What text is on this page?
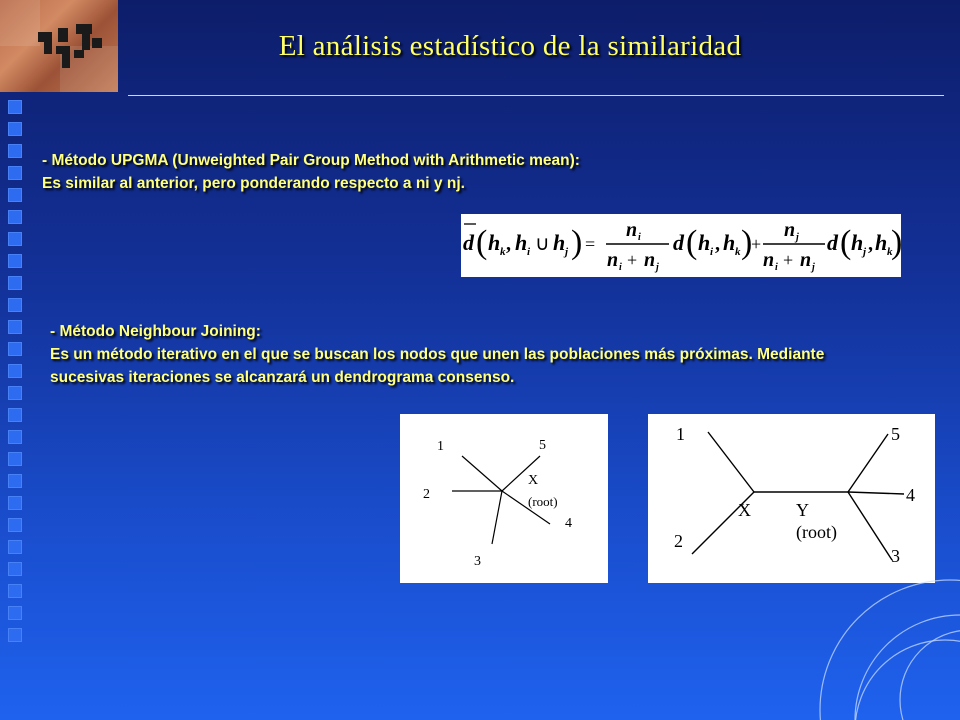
El análisis estadístico de la similaridad
- Método UPGMA (Unweighted Pair Group Method with Arithmetic mean):
Es similar al anterior, pero ponderando respecto a ni y nj.
d ( h k , h i ∪ h j ) =
n i
n i + n j
d ( h i , h k )
+
n j
n i + n j
d ( h j , h k
)
- Método Neighbour Joining:
Es un método iterativo en el que se buscan los nodos que unen las poblaciones más próximas. Mediante
sucesivas iteraciones se alcanzará un dendrograma consenso.
1	5
2
X
(root)
4
3
1	5
4
X	Y
(root)
2
3
